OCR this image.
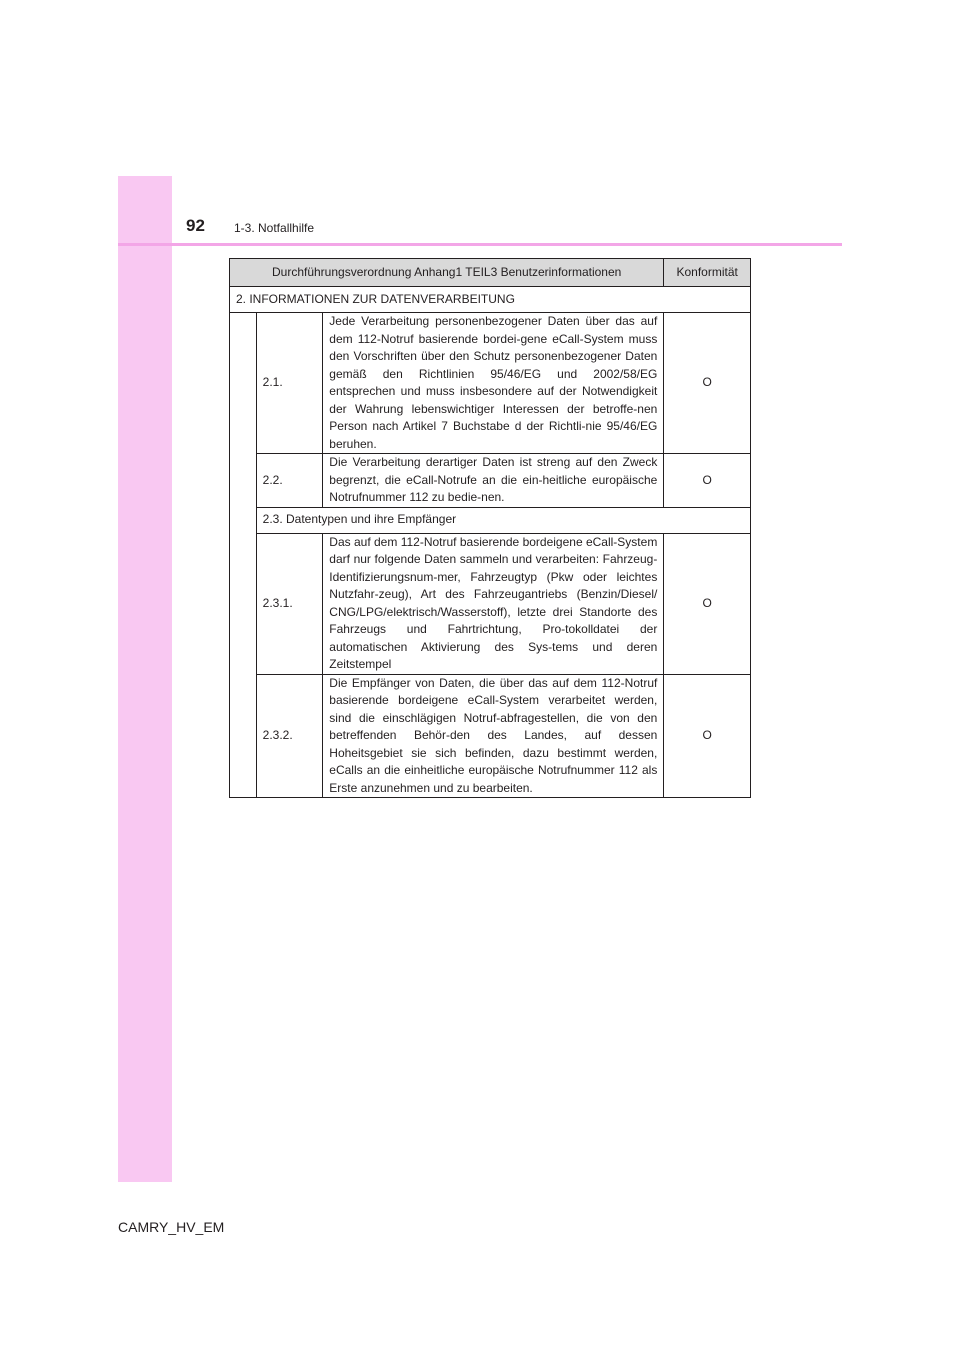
92 1-3. Notfallhilfe
Durchführungsverordnung Anhang1 TEIL3 Benutzerinformationen			Konformität
2. INFORMATIONEN ZUR DATENVERARBEITUNG			
	2.1.	Jede Verarbeitung personenbezogener Daten über das auf dem 112-Notruf basierende bordei-gene eCall-System muss den Vorschriften über den Schutz personenbezogener Daten gemäß den Richtlinien 95/46/EG und 2002/58/EG entsprechen und muss insbesondere auf der Notwendigkeit der Wahrung lebenswichtiger Interessen der betroffe-nen Person nach Artikel 7 Buchstabe d der Richtli-nie 95/46/EG beruhen.	O
	2.2.	Die Verarbeitung derartiger Daten ist streng auf den Zweck begrenzt, die eCall-Notrufe an die ein-heitliche europäische Notrufnummer 112 zu bedie-nen.	O
	2.3. Datentypen und ihre Empfänger		
	2.3.1.	Das auf dem 112-Notruf basierende bordeigene eCall-System darf nur folgende Daten sammeln und verarbeiten: Fahrzeug-Identifizierungsnum-mer, Fahrzeugtyp (Pkw oder leichtes Nutzfahr-zeug), Art des Fahrzeugantriebs (Benzin/Diesel/ CNG/LPG/elektrisch/Wasserstoff), letzte drei Standorte des Fahrzeugs und Fahrtrichtung, Pro-tokolldatei der automatischen Aktivierung des Sys-tems und deren Zeitstempel	O
	2.3.2.	Die Empfänger von Daten, die über das auf dem 112-Notruf basierende bordeigene eCall-System verarbeitet werden, sind die einschlägigen Notruf-abfragestellen, die von den betreffenden Behör-den des Landes, auf dessen Hoheitsgebiet sie sich befinden, dazu bestimmt werden, eCalls an die einheitliche europäische Notrufnummer 112 als Erste anzunehmen und zu bearbeiten.	O
CAMRY_HV_EM
